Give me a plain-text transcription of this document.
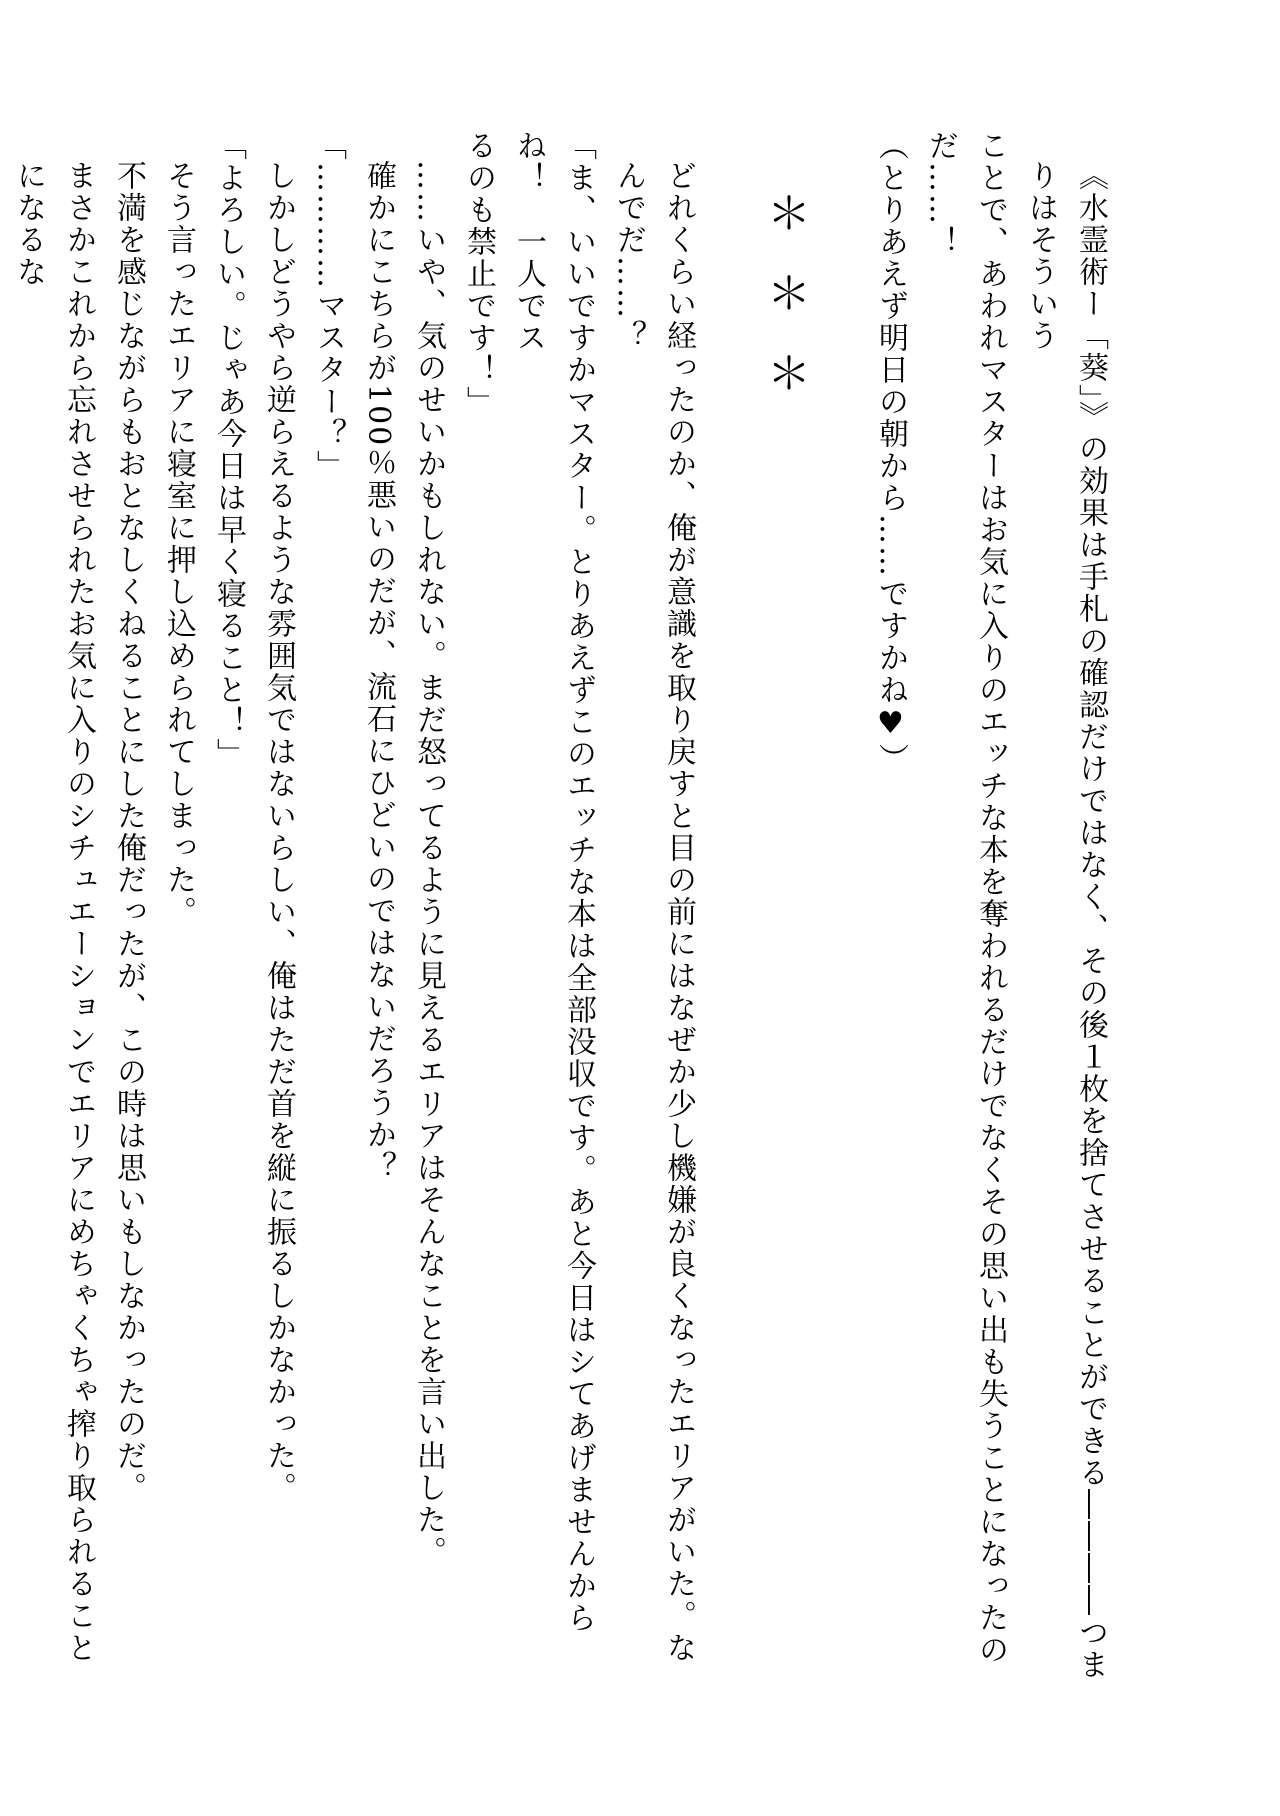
《水霊術ー「葵」》の効果は手札の確認だけではなく、その後１枚を捨てさせることができる――――つまりはそういう
ことで、あわれマスターはお気に入りのエッチな本を奪われるだけでなくその思い出も失うことになったのだ……！
（とりあえず明日の朝から……ですかね♥）
＊＊＊
どれくらい経ったのか、俺が意識を取り戻すと目の前にはなぜか少し機嫌が良くなったエリアがいた。なんでだ……？
「ま、いいですかマスター。とりあえずこのエッチな本は全部没収です。あと今日はシてあげませんからね！　一人でス
るのも禁止です！」
……いや、気のせいかもしれない。まだ怒ってるように見えるエリアはそんなことを言い出した。
確かにこちらが100％悪いのだが、流石にひどいのではないだろうか？
「…………マスター？」
しかしどうやら逆らえるような雰囲気ではないらしい、俺はただ首を縦に振るしかなかった。
「よろしい。じゃあ今日は早く寝ること！」
そう言ったエリアに寝室に押し込められてしまった。
不満を感じながらもおとなしくねることにした俺だったが、この時は思いもしなかったのだ。
まさかこれから忘れさせられたお気に入りのシチュエーションでエリアにめちゃくちゃ搾り取られることになるな
